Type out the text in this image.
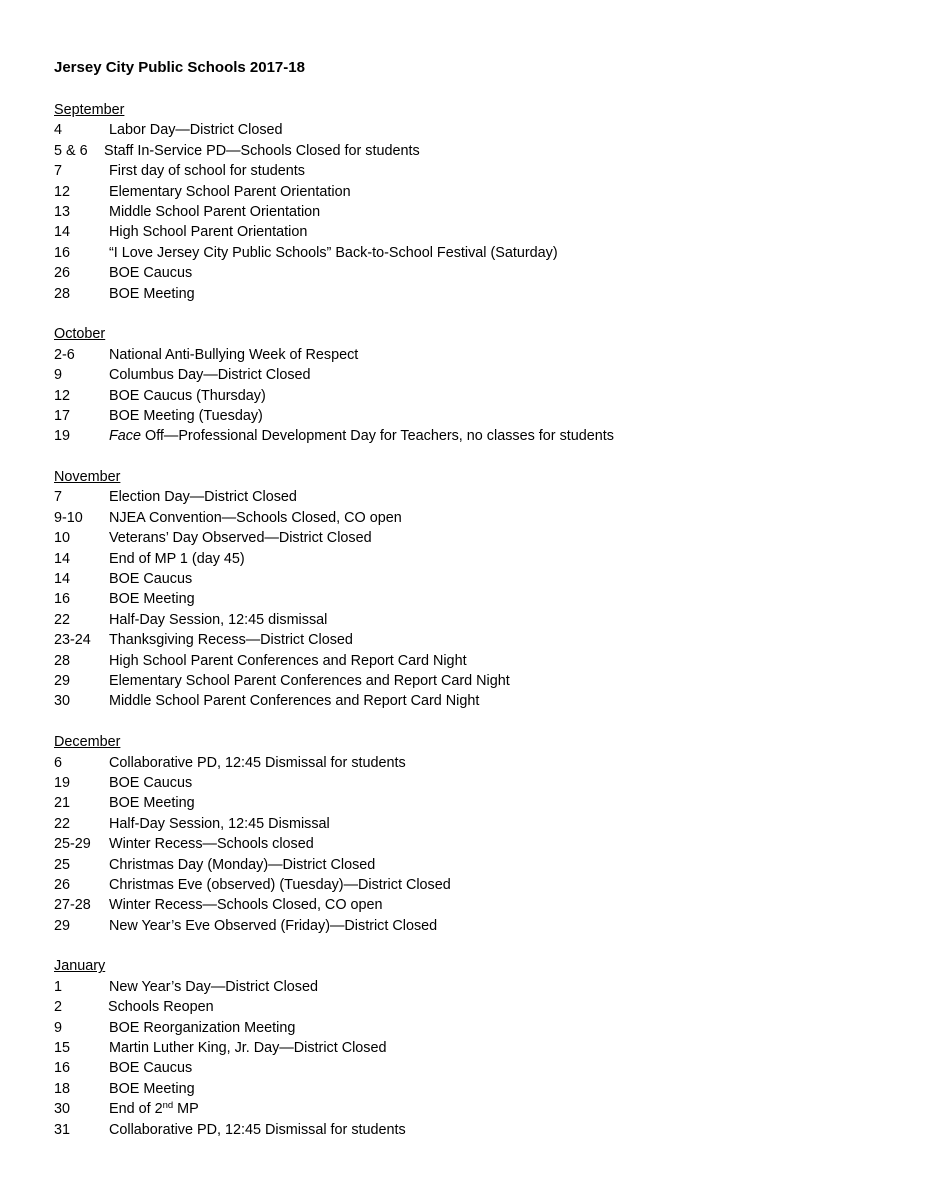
Jersey City Public Schools 2017-18
September
4	Labor Day—District Closed
5 & 6 Staff In-Service PD—Schools Closed for students
7	First day of school for students
12	Elementary School Parent Orientation
13	Middle School Parent Orientation
14	High School Parent Orientation
16	“I Love Jersey City Public Schools” Back-to-School Festival (Saturday)
26	BOE Caucus
28	BOE Meeting
October
2-6 National Anti-Bullying Week of Respect
9	Columbus Day—District Closed
12	BOE Caucus (Thursday)
17	BOE Meeting (Tuesday)
19	Face Off—Professional Development Day for Teachers, no classes for students
November
7	Election Day—District Closed
9-10 NJEA Convention—Schools Closed, CO open
10	Veterans’ Day Observed—District Closed
14	End of MP 1 (day 45)
14	BOE Caucus
16	BOE Meeting
22	Half-Day Session, 12:45 dismissal
23-24 Thanksgiving Recess—District Closed
28	High School Parent Conferences and Report Card Night
29	Elementary School Parent Conferences and Report Card Night
30	Middle School Parent Conferences and Report Card Night
December
6	Collaborative PD, 12:45 Dismissal for students
19	BOE Caucus
21	BOE Meeting
22	Half-Day Session, 12:45 Dismissal
25-29 Winter Recess—Schools closed
25	Christmas Day (Monday)—District Closed
26	Christmas Eve (observed) (Tuesday)—District Closed
27-28 Winter Recess—Schools Closed, CO open
29	New Year’s Eve Observed (Friday)—District Closed
January
1	New Year’s Day—District Closed
2	Schools Reopen
9	BOE Reorganization Meeting
15	Martin Luther King, Jr. Day—District Closed
16	BOE Caucus
18	BOE Meeting
30	End of 2nd MP
31	Collaborative PD, 12:45 Dismissal for students
